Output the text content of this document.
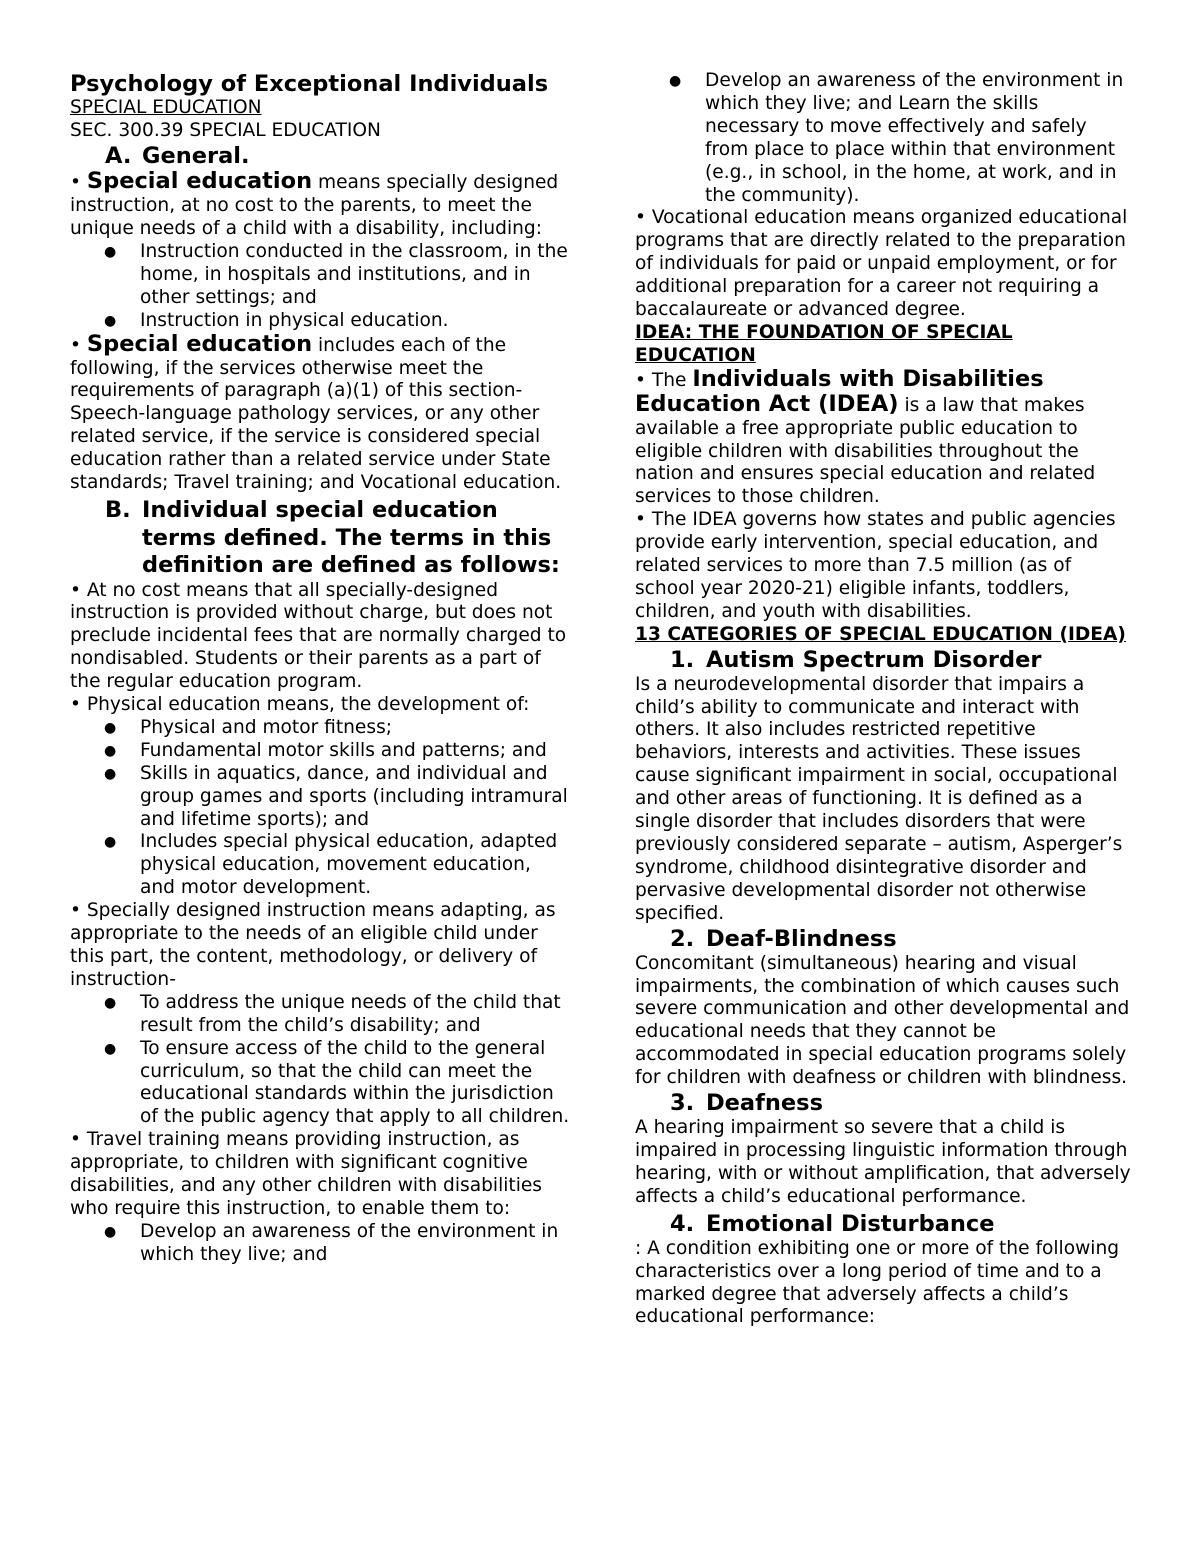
Psychology of Exceptional Individuals

SPECIAL EDUCATION

SEC. 300.39 SPECIAL EDUCATION

A. General.

• Special education means specially designed instruction, at no cost to the parents, to meet the unique needs of a child with a disability, including:

●	Instruction conducted in the classroom, in the home, in hospitals and institutions, and in other settings; and
●	Instruction in physical education.

• Special education includes each of the following, if the services otherwise meet the requirements of paragraph (a)(1) of this section- Speech-language pathology services, or any other related service, if the service is considered special education rather than a related service under State standards; Travel training; and Vocational education.

B. Individual special education terms defined. The terms in this definition are defined as follows:

• At no cost means that all specially-designed instruction is provided without charge, but does not preclude incidental fees that are normally charged to nondisabled. Students or their parents as a part of the regular education program.

• Physical education means, the development of:

●	Physical and motor fitness;
●	Fundamental motor skills and patterns; and
●	Skills in aquatics, dance, and individual and group games and sports (including intramural and lifetime sports); and
●	Includes special physical education, adapted physical education, movement education, and motor development.

• Specially designed instruction means adapting, as appropriate to the needs of an eligible child under this part, the content, methodology, or delivery of instruction-

●	To address the unique needs of the child that result from the child’s disability; and
●	To ensure access of the child to the general curriculum, so that the child can meet the educational standards within the jurisdiction of the public agency that apply to all children.

• Travel training means providing instruction, as appropriate, to children with significant cognitive disabilities, and any other children with disabilities who require this instruction, to enable them to:

●	Develop an awareness of the environment in which they live; and
●	Develop an awareness of the environment in which they live; and Learn the skills necessary to move effectively and safely from place to place within that environment (e.g., in school, in the home, at work, and in the community).

• Vocational education means organized educational programs that are directly related to the preparation of individuals for paid or unpaid employment, or for additional preparation for a career not requiring a baccalaureate or advanced degree.

IDEA: THE FOUNDATION OF SPECIAL EDUCATION

• The Individuals with Disabilities Education Act (IDEA) is a law that makes available a free appropriate public education to eligible children with disabilities throughout the nation and ensures special education and related services to those children.

• The IDEA governs how states and public agencies provide early intervention, special education, and related services to more than 7.5 million (as of school year 2020-21) eligible infants, toddlers, children, and youth with disabilities.

13 CATEGORIES OF SPECIAL EDUCATION (IDEA)

1. Autism Spectrum Disorder

Is a neurodevelopmental disorder that impairs a child’s ability to communicate and interact with others. It also includes restricted repetitive behaviors, interests and activities. These issues cause significant impairment in social, occupational and other areas of functioning. It is defined as a single disorder that includes disorders that were previously considered separate – autism, Asperger’s syndrome, childhood disintegrative disorder and pervasive developmental disorder not otherwise specified.

2. Deaf-Blindness

Concomitant (simultaneous) hearing and visual impairments, the combination of which causes such severe communication and other developmental and educational needs that they cannot be accommodated in special education programs solely for children with deafness or children with blindness.

3. Deafness

A hearing impairment so severe that a child is impaired in processing linguistic information through hearing, with or without amplification, that adversely affects a child’s educational performance.

4. Emotional Disturbance

: A condition exhibiting one or more of the following characteristics over a long period of time and to a marked degree that adversely affects a child’s educational performance:
